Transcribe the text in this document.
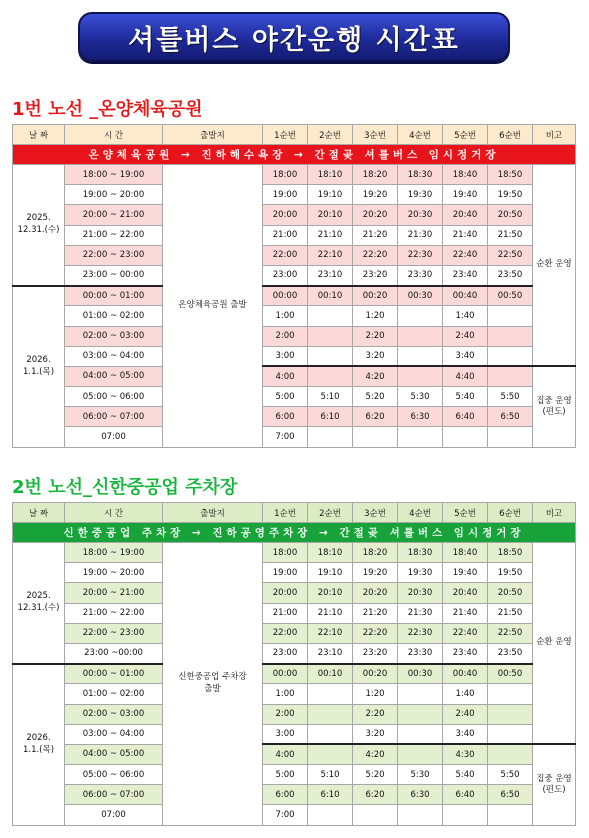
셔틀버스 야간운행 시간표
1번 노선 _온양체육공원
날 짜	시 간	출발지	1순번	2순번	3순번	4순번	5순번	6순번	비고
온양체육공원 → 진하해수욕장 → 간절곶 셔틀버스 임시정거장									
2025.
12.31.(수)	18:00 ~ 19:00	온양체육공원 출발	18:00	18:10	18:20	18:30	18:40	18:50	순환 운영
	19:00 ~ 20:00		19:00	19:10	19:20	19:30	19:40	19:50	
	20:00 ~ 21:00		20:00	20:10	20:20	20:30	20:40	20:50	
	21:00 ~ 22:00		21:00	21:10	21:20	21:30	21:40	21:50	
	22:00 ~ 23:00		22:00	22:10	22:20	22:30	22:40	22:50	
	23:00 ~ 00:00		23:00	23:10	23:20	23:30	23:40	23:50	
2026.
1.1.(목)	00:00 ~ 01:00		00:00	00:10	00:20	00:30	00:40	00:50	
	01:00 ~ 02:00		1:00		1:20		1:40		
	02:00 ~ 03:00		2:00		2:20		2:40		
	03:00 ~ 04:00		3:00		3:20		3:40		
	04:00 ~ 05:00		4:00		4:20		4:40		집중 운영
(편도)
	05:00 ~ 06:00		5:00	5:10	5:20	5:30	5:40	5:50	
	06:00 ~ 07:00		6:00	6:10	6:20	6:30	6:40	6:50	
	07:00		7:00						
2번 노선_신한중공업 주차장
날 짜	시 간	출발지	1순번	2순번	3순번	4순번	5순번	6순번	비고
신한중공업 주차장 → 진하공영주차장 → 간절곶 셔틀버스 임시정거장									
2025.
12.31.(수)	18:00 ~ 19:00	신한중공업 주차장
출발	18:00	18:10	18:20	18:30	18:40	18:50	순환 운영
	19:00 ~ 20:00		19:00	19:10	19:20	19:30	19:40	19:50	
	20:00 ~ 21:00		20:00	20:10	20:20	20:30	20:40	20:50	
	21:00 ~ 22:00		21:00	21:10	21:20	21:30	21:40	21:50	
	22:00 ~ 23:00		22:00	22:10	22:20	22:30	22:40	22:50	
	23:00 ~00:00		23:00	23:10	23:20	23:30	23:40	23:50	
2026.
1.1.(목)	00:00 ~ 01:00		00:00	00:10	00:20	00:30	00:40	00:50	
	01:00 ~ 02:00		1:00		1:20		1:40		
	02:00 ~ 03:00		2:00		2:20		2:40		
	03:00 ~ 04:00		3:00		3:20		3:40		
	04:00 ~ 05:00		4:00		4:20		4:30		집중 운영
(편도)
	05:00 ~ 06:00		5:00	5:10	5:20	5:30	5:40	5:50	
	06:00 ~ 07:00		6:00	6:10	6:20	6:30	6:40	6:50	
	07:00		7:00						
